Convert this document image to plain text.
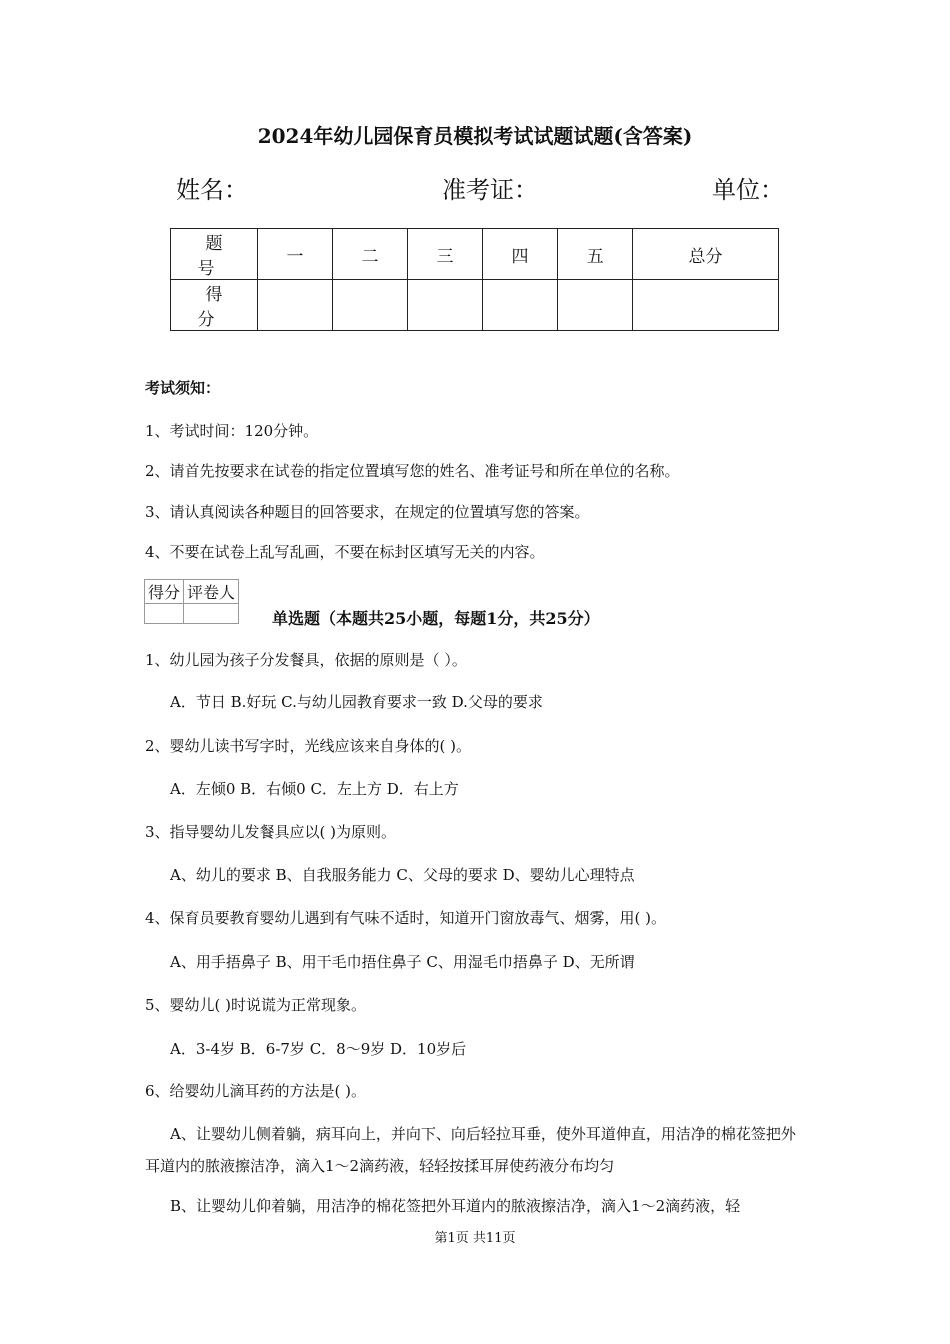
2024年幼儿园保育员模拟考试试题试题(含答案)
姓名：	准考证：	单位：
题 号	一	二	三	四	五	总分
得 分						
考试须知：
1、考试时间：120分钟。
2、请首先按要求在试卷的指定位置填写您的姓名、准考证号和所在单位的名称。
3、请认真阅读各种题目的回答要求，在规定的位置填写您的答案。
4、不要在试卷上乱写乱画，不要在标封区填写无关的内容。
得分	评卷人

单选题（本题共25小题，每题1分，共25分）
1、幼儿园为孩子分发餐具，依据的原则是（ ）。
A．节日 B.好玩 C.与幼儿园教育要求一致 D.父母的要求
2、婴幼儿读书写字时，光线应该来自身体的( )。
A．左倾0 B．右倾0 C．左上方 D．右上方
3、指导婴幼儿发餐具应以( )为原则。
A、幼儿的要求 B、自我服务能力 C、父母的要求 D、婴幼儿心理特点
4、保育员要教育婴幼儿遇到有气味不适时，知道开门窗放毒气、烟雾，用( )。
A、用手捂鼻子 B、用干毛巾捂住鼻子 C、用湿毛巾捂鼻子 D、无所谓
5、婴幼儿( )时说谎为正常现象。
A．3-4岁 B．6-7岁 C．8～9岁 D．10岁后
6、给婴幼儿滴耳药的方法是( )。
A、让婴幼儿侧着躺，病耳向上，并向下、向后轻拉耳垂，使外耳道伸直，用洁净的棉花签把外耳道内的脓液擦洁净，滴入1～2滴药液，轻轻按揉耳屏使药液分布均匀
B、让婴幼儿仰着躺，用洁净的棉花签把外耳道内的脓液擦洁净，滴入1～2滴药液，轻
第1页 共11页
